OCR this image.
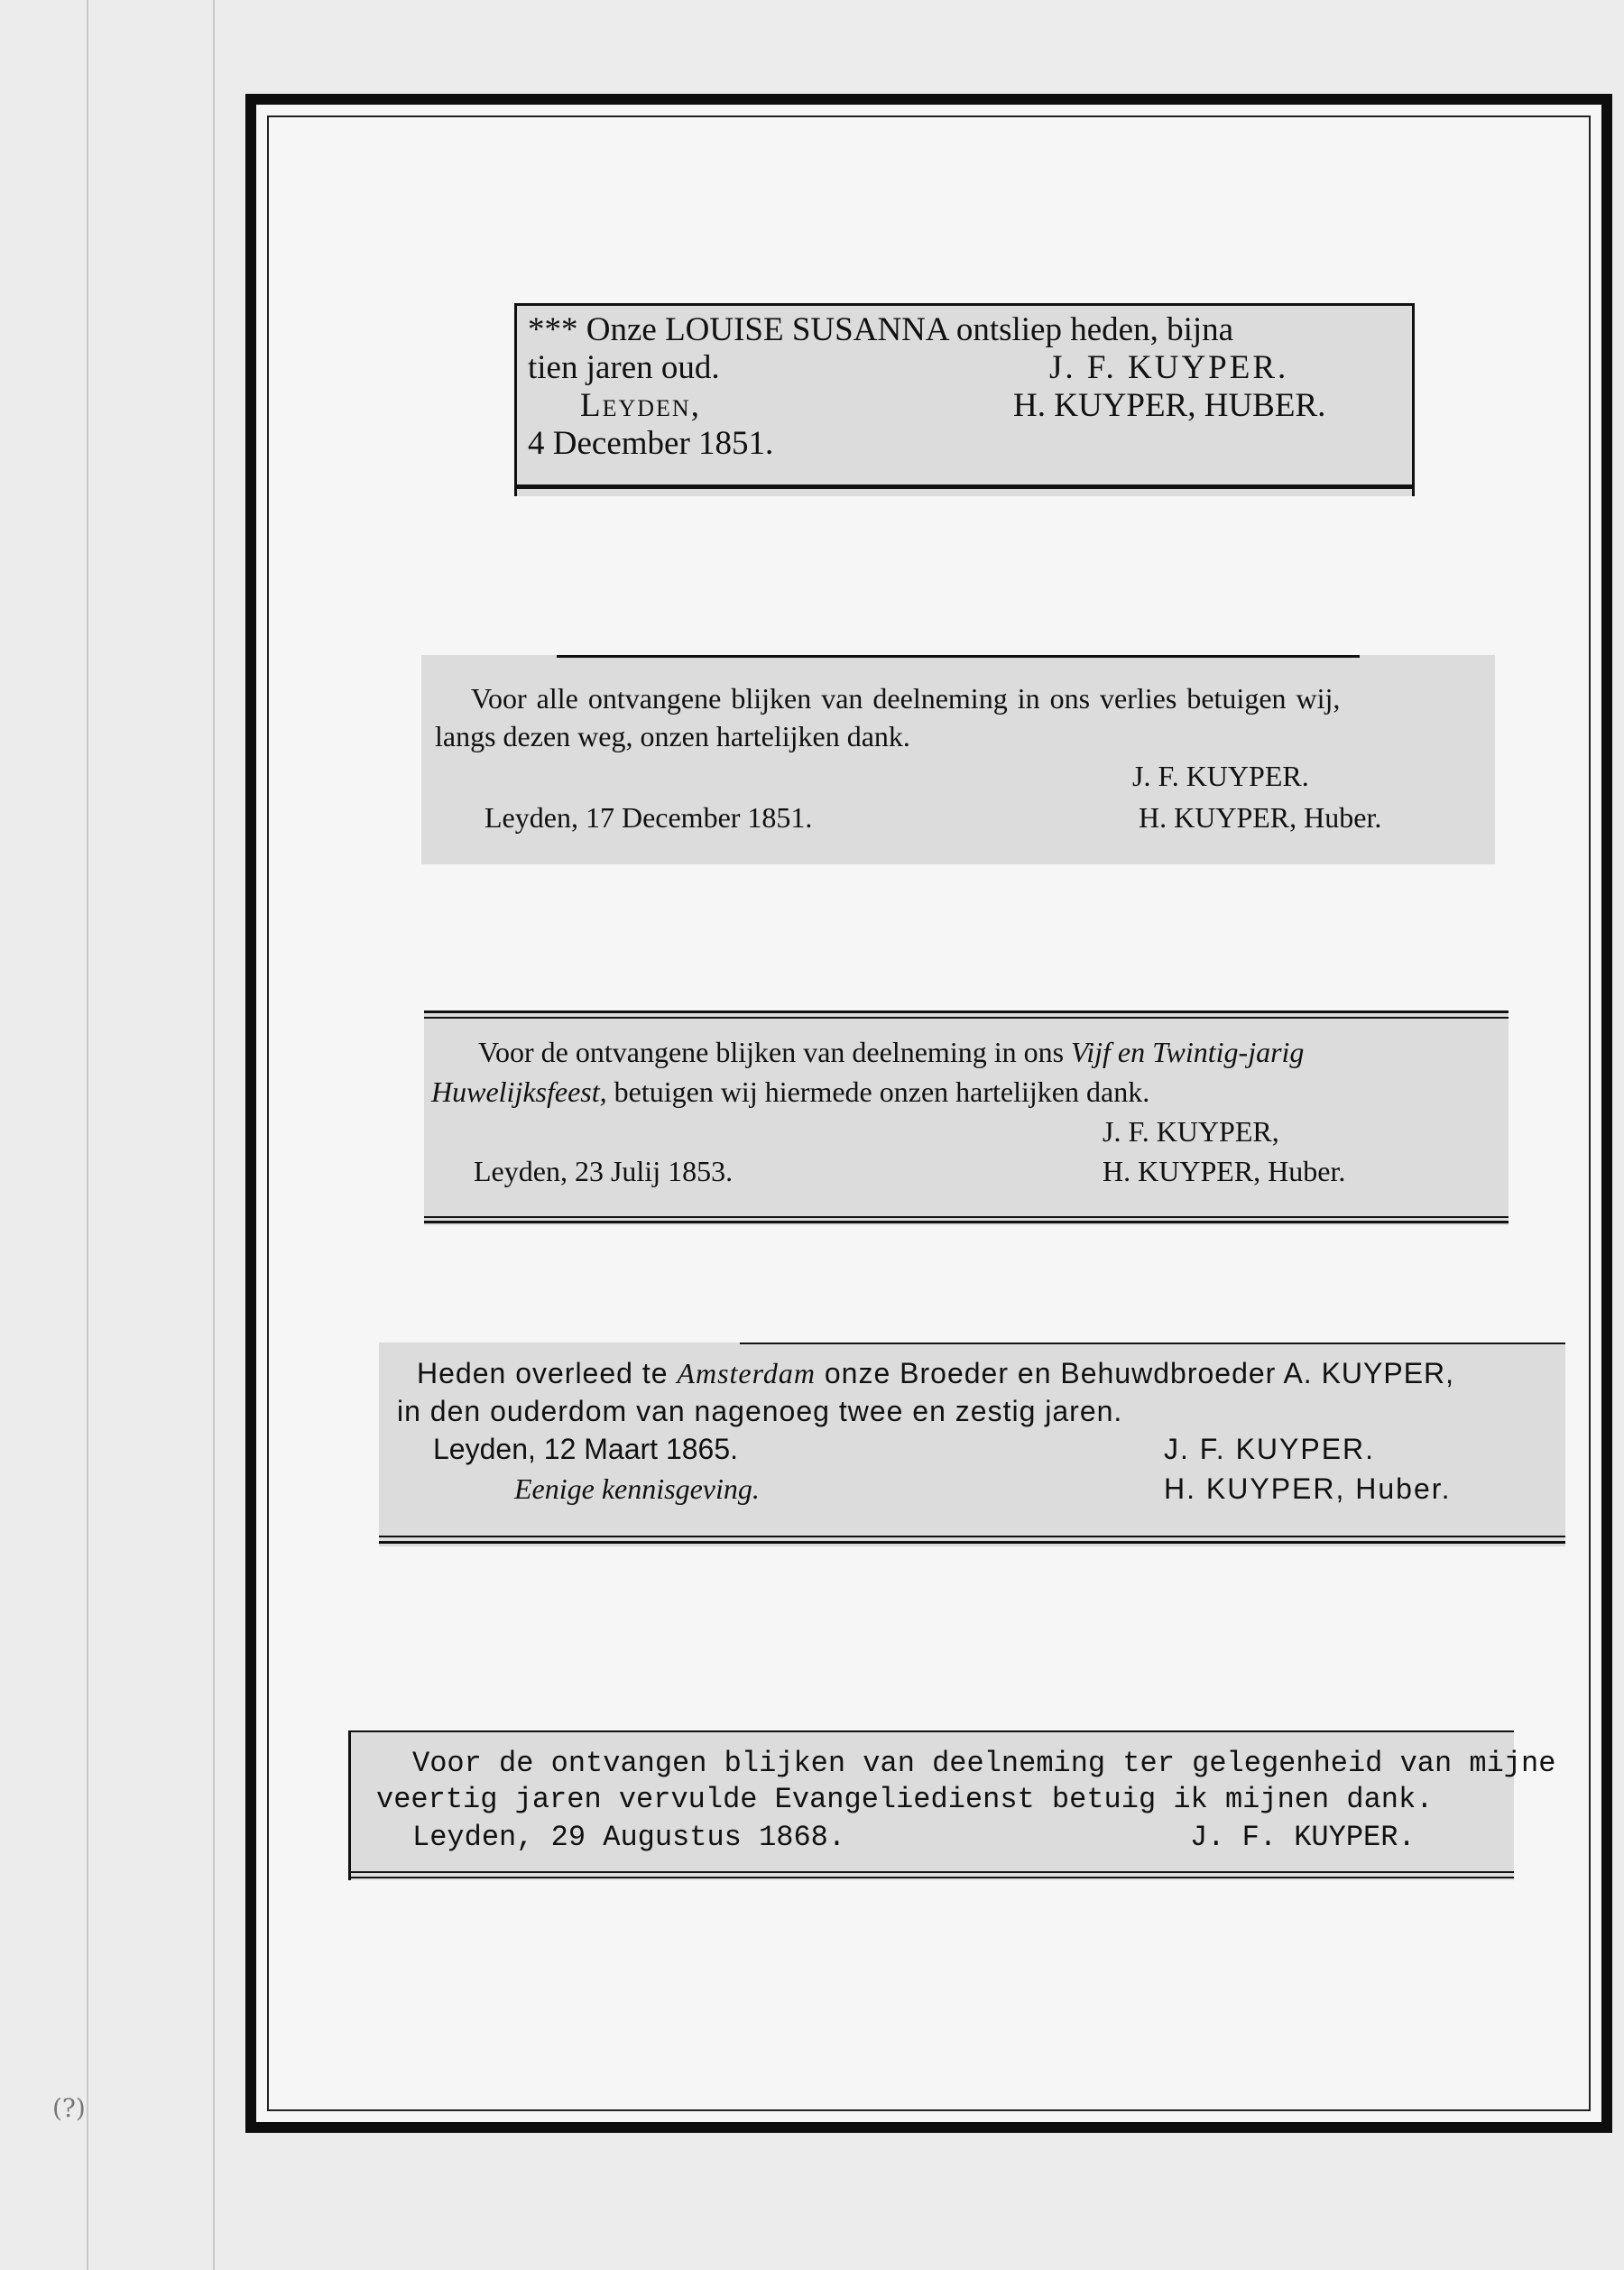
(?)
*** Onze LOUISE SUSANNA ontsliep heden, bijna
tien jaren oud.	J. F. KUYPER.
Leyden,	H. KUYPER, HUBER.
4 December 1851.
Voor alle ontvangene blijken van deelneming in ons verlies betuigen wij,
langs dezen weg, onzen hartelijken dank.
J. F. KUYPER.
Leyden, 17 December 1851.	H. KUYPER, Huber.
Voor de ontvangene blijken van deelneming in ons Vijf en Twintig-jarig
Huwelijksfeest, betuigen wij hiermede onzen hartelijken dank.
J. F. KUYPER,
Leyden, 23 Julij 1853.	H. KUYPER, Huber.
Heden overleed te Amsterdam onze Broeder en Behuwdbroeder A. KUYPER,
in den ouderdom van nagenoeg twee en zestig jaren.
Leyden, 12 Maart 1865.	J. F. KUYPER.
Eenige kennisgeving.	H. KUYPER, Huber.
Voor de ontvangen blijken van deelneming ter gelegenheid van mijne
veertig jaren vervulde Evangeliedienst betuig ik mijnen dank.
Leyden, 29 Augustus 1868.	J. F. KUYPER.
